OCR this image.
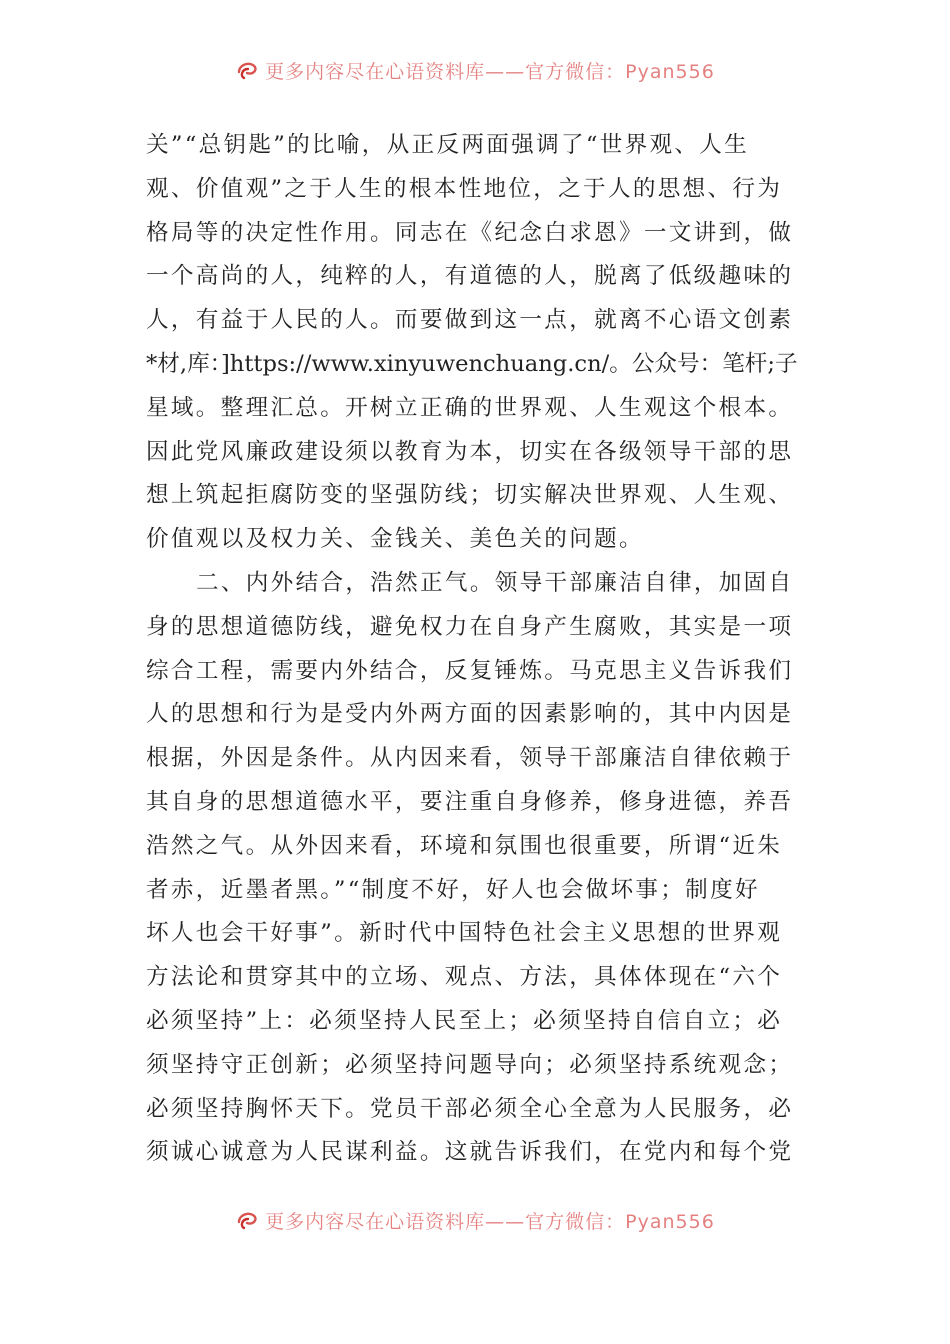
更多内容尽在心语资料库——官方微信：Pyan556

关”“总钥匙”的比喻，从正反两面强调了“世界观、人生
观、价值观”之于人生的根本性地位，之于人的思想、行为
格局等的决定性作用。同志在《纪念白求恩》一文讲到，做
一个高尚的人，纯粹的人，有道德的人，脱离了低级趣味的
人，有益于人民的人。而要做到这一点，就离不心语文创素
*材,库：]https://www.xinyuwenchuang.cn/。公众号：笔杆;子
星域。整理汇总。开树立正确的世界观、人生观这个根本。
因此党风廉政建设须以教育为本，切实在各级领导干部的思
想上筑起拒腐防变的坚强防线；切实解决世界观、人生观、
价值观以及权力关、金钱关、美色关的问题。

二、内外结合，浩然正气。领导干部廉洁自律，加固自
身的思想道德防线，避免权力在自身产生腐败，其实是一项
综合工程，需要内外结合，反复锤炼。马克思主义告诉我们
人的思想和行为是受内外两方面的因素影响的，其中内因是
根据，外因是条件。从内因来看，领导干部廉洁自律依赖于
其自身的思想道德水平，要注重自身修养，修身进德，养吾
浩然之气。从外因来看，环境和氛围也很重要，所谓“近朱
者赤，近墨者黑。”“制度不好，好人也会做坏事；制度好
坏人也会干好事”。新时代中国特色社会主义思想的世界观
方法论和贯穿其中的立场、观点、方法，具体体现在“六个
必须坚持”上：必须坚持人民至上；必须坚持自信自立；必
须坚持守正创新；必须坚持问题导向；必须坚持系统观念；
必须坚持胸怀天下。党员干部必须全心全意为人民服务，必
须诚心诚意为人民谋利益。这就告诉我们，在党内和每个党

更多内容尽在心语资料库——官方微信：Pyan556
